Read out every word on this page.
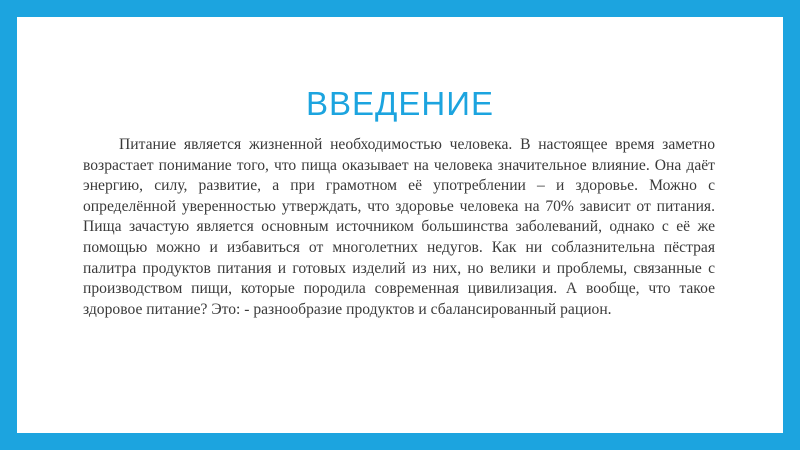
ВВЕДЕНИЕ

Питание является жизненной необходимостью человека. В настоящее время заметно возрастает понимание того, что пища оказывает на человека значительное влияние. Она даёт энергию, силу, развитие, а при грамотном её употреблении – и здоровье. Можно с определённой уверенностью утверждать, что здоровье человека на 70% зависит от питания. Пища зачастую является основным источником большинства заболеваний, однако с её же помощью можно и избавиться от многолетних недугов. Как ни соблазнительна пёстрая палитра продуктов питания и готовых изделий из них, но велики и проблемы, связанные с производством пищи, которые породила современная цивилизация. А вообще, что такое здоровое питание? Это: - разнообразие продуктов и сбалансированный рацион.
